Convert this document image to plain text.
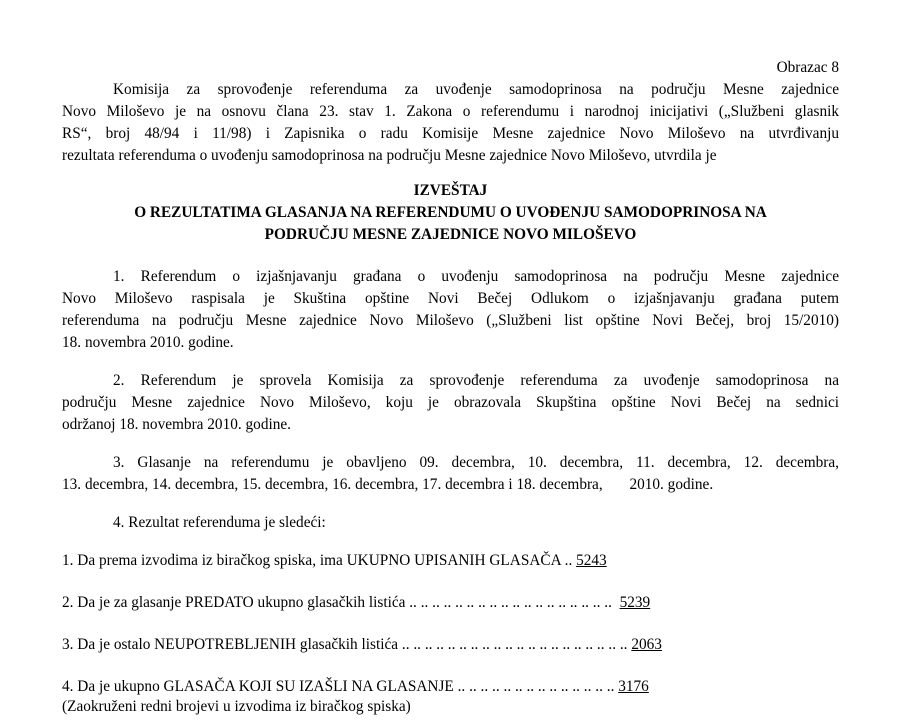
Obrazac 8
Komisija za sprovođenje referenduma za uvođenje samodoprinosa na području Mesne zajednice
Novo Miloševo je na osnovu člana 23. stav 1. Zakona o referendumu i narodnoj inicijativi („Službeni glasnik
RS“, broj 48/94 i 11/98) i Zapisnika o radu Komisije Mesne zajednice Novo Miloševo na utvrđivanju
rezultata referenduma o uvođenju samodoprinosa na području Mesne zajednice Novo Miloševo, utvrdila je
IZVEŠTAJ
O REZULTATIMA GLASANJA NA REFERENDUMU O UVOĐENJU SAMODOPRINOSA NA
PODRUČJU MESNE ZAJEDNICE NOVO MILOŠEVO
1. Referendum o izjašnjavanju građana o uvođenju samodoprinosa na području Mesne zajednice
Novo Miloševo raspisala je Skuština opštine Novi Bečej Odlukom o izjašnjavanju građana putem
referenduma na području Mesne zajednice Novo Miloševo („Službeni list opštine Novi Bečej, broj 15/2010)
18. novembra 2010. godine.
2. Referendum je sprovela Komisija za sprovođenje referenduma za uvođenje samodoprinosa na
području Mesne zajednice Novo Miloševo, koju je obrazovala Skupština opštine Novi Bečej na sednici
održanoj 18. novembra 2010. godine.
3. Glasanje na referendumu je obavljeno 09. decembra, 10. decembra, 11. decembra, 12. decembra,
13. decembra, 14. decembra, 15. decembra, 16. decembra, 17. decembra i 18. decembra,       2010. godine.
4. Rezultat referenduma je sledeći:
1. Da prema izvodima iz biračkog spiska, ima UKUPNO UPISANIH GLASAČA .. 5243
2. Da je za glasanje PREDATO ukupno glasačkih listića .. .. .. .. .. .. .. .. .. .. .. .. .. .. .. .. .. ..  5239
3. Da je ostalo NEUPOTREBLJENIH glasačkih listića .. .. .. .. .. .. .. .. .. .. .. .. .. .. .. .. .. .. .. .. 2063
4. Da je ukupno GLASAČA KOJI SU IZAŠLI NA GLASANJE .. .. .. .. .. .. .. .. .. .. .. .. .. .. 3176
(Zaokruženi redni brojevi u izvodima iz biračkog spiska)
